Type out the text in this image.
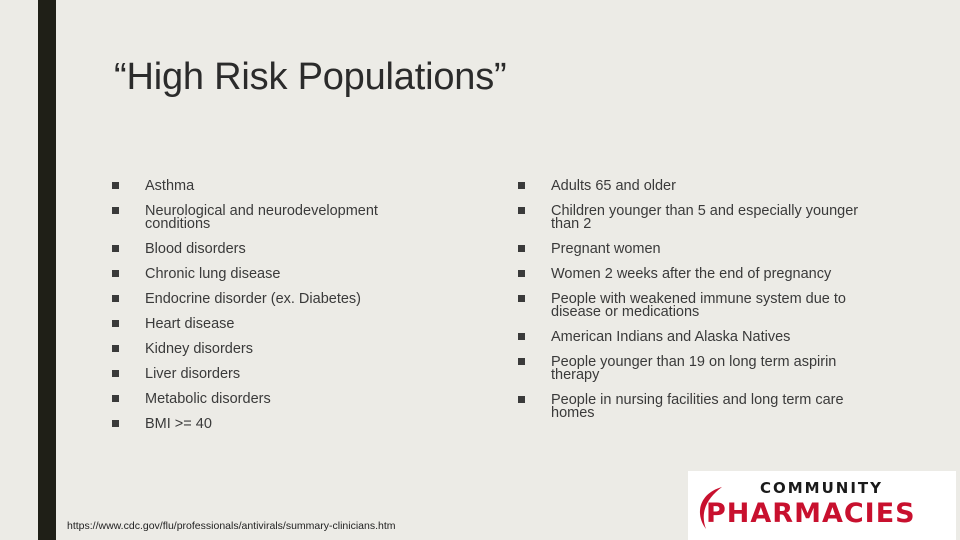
“High Risk Populations”
Asthma
Neurological and neurodevelopment conditions
Blood disorders
Chronic lung disease
Endocrine disorder (ex. Diabetes)
Heart disease
Kidney disorders
Liver disorders
Metabolic disorders
BMI >= 40
Adults 65 and older
Children younger than 5 and especially younger than 2
Pregnant women
Women 2 weeks after the end of pregnancy
People with weakened immune system due to disease or medications
American Indians and Alaska Natives
People younger than 19 on long term aspirin therapy
People in nursing facilities and long term care homes
https://www.cdc.gov/flu/professionals/antivirals/summary-clinicians.htm
COMMUNITY
PHARMACIES
